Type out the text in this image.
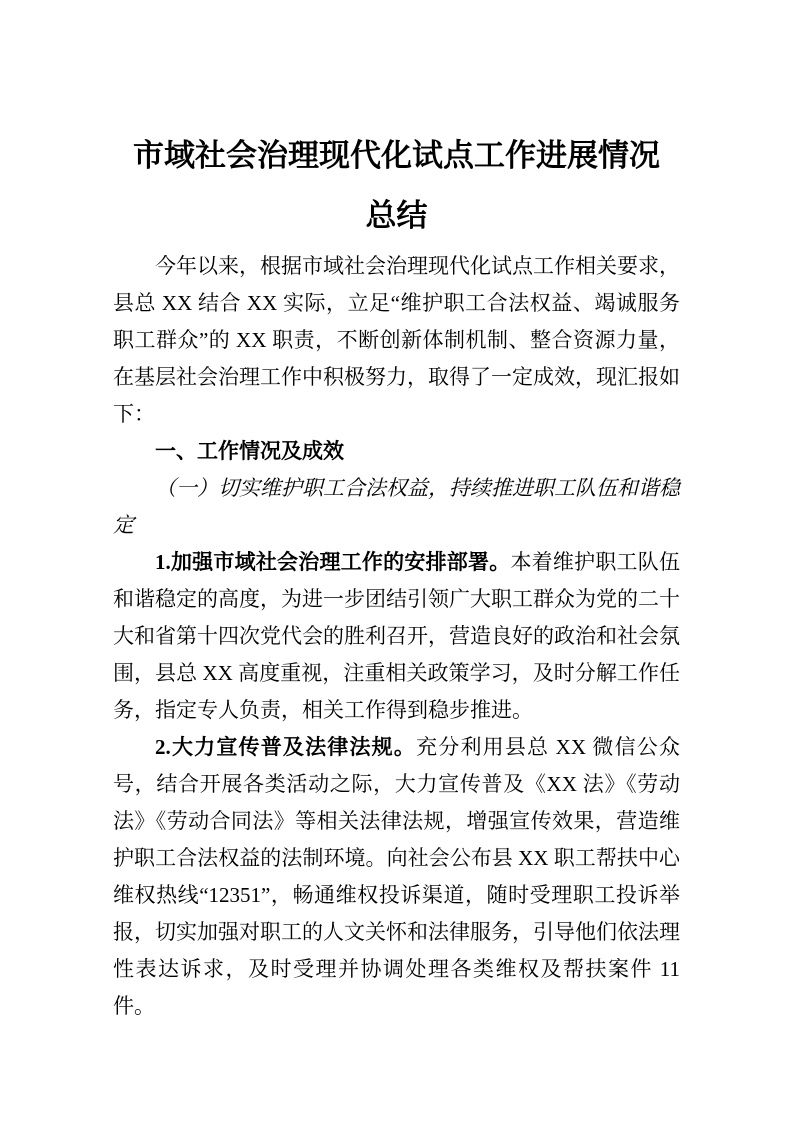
市域社会治理现代化试点工作进展情况总结

今年以来，根据市域社会治理现代化试点工作相关要求，县总 XX 结合 XX 实际，立足“维护职工合法权益、竭诚服务职工群众”的 XX 职责，不断创新体制机制、整合资源力量，在基层社会治理工作中积极努力，取得了一定成效，现汇报如下：

一、工作情况及成效
（一）切实维护职工合法权益，持续推进职工队伍和谐稳定

1.加强市域社会治理工作的安排部署。本着维护职工队伍和谐稳定的高度，为进一步团结引领广大职工群众为党的二十大和省第十四次党代会的胜利召开，营造良好的政治和社会氛围，县总 XX 高度重视，注重相关政策学习，及时分解工作任务，指定专人负责，相关工作得到稳步推进。

2.大力宣传普及法律法规。充分利用县总 XX 微信公众号，结合开展各类活动之际，大力宣传普及《XX 法》《劳动法》《劳动合同法》等相关法律法规，增强宣传效果，营造维护职工合法权益的法制环境。向社会公布县 XX 职工帮扶中心维权热线“12351”，畅通维权投诉渠道，随时受理职工投诉举报，切实加强对职工的人文关怀和法律服务，引导他们依法理性表达诉求，及时受理并协调处理各类维权及帮扶案件 11 件。
